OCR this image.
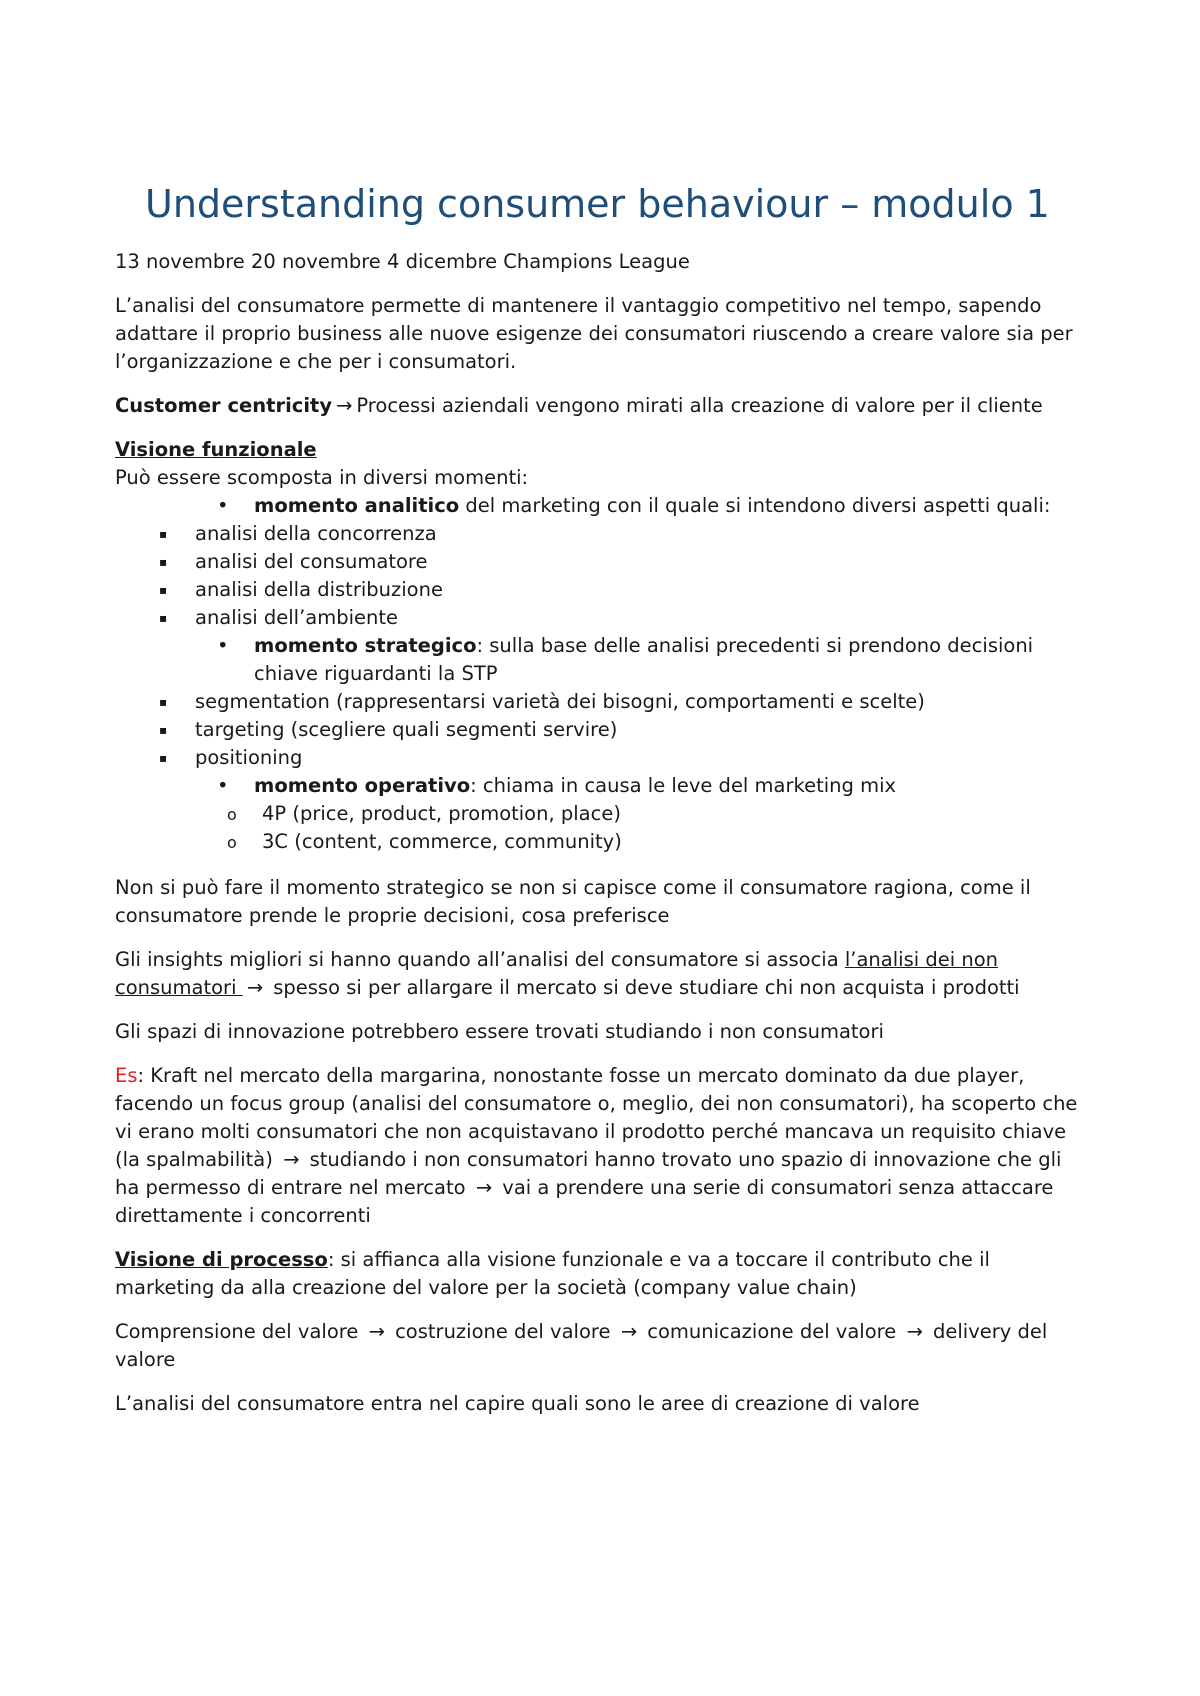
Understanding consumer behaviour – modulo 1

13 novembre 20 novembre 4 dicembre Champions League

L’analisi del consumatore permette di mantenere il vantaggio competitivo nel tempo, sapendo adattare il proprio business alle nuove esigenze dei consumatori riuscendo a creare valore sia per l’organizzazione e che per i consumatori.

Customer centricity → Processi aziendali vengono mirati alla creazione di valore per il cliente

Visione funzionale

Può essere scomposta in diversi momenti:

• momento analitico del marketing con il quale si intendono diversi aspetti quali:
▪ analisi della concorrenza
▪ analisi del consumatore
▪ analisi della distribuzione
▪ analisi dell’ambiente
• momento strategico: sulla base delle analisi precedenti si prendono decisioni chiave riguardanti la STP
▪ segmentation (rappresentarsi varietà dei bisogni, comportamenti e scelte)
▪ targeting (scegliere quali segmenti servire)
▪ positioning
• momento operativo: chiama in causa le leve del marketing mix
o 4P (price, product, promotion, place)
o 3C (content, commerce, community)

Non si può fare il momento strategico se non si capisce come il consumatore ragiona, come il consumatore prende le proprie decisioni, cosa preferisce

Gli insights migliori si hanno quando all’analisi del consumatore si associa l’analisi dei non consumatori → spesso si per allargare il mercato si deve studiare chi non acquista i prodotti

Gli spazi di innovazione potrebbero essere trovati studiando i non consumatori

Es: Kraft nel mercato della margarina, nonostante fosse un mercato dominato da due player, facendo un focus group (analisi del consumatore o, meglio, dei non consumatori), ha scoperto che vi erano molti consumatori che non acquistavano il prodotto perché mancava un requisito chiave (la spalmabilità) → studiando i non consumatori hanno trovato uno spazio di innovazione che gli ha permesso di entrare nel mercato → vai a prendere una serie di consumatori senza attaccare direttamente i concorrenti

Visione di processo: si affianca alla visione funzionale e va a toccare il contributo che il marketing da alla creazione del valore per la società (company value chain)

Comprensione del valore → costruzione del valore → comunicazione del valore → delivery del valore

L’analisi del consumatore entra nel capire quali sono le aree di creazione di valore
